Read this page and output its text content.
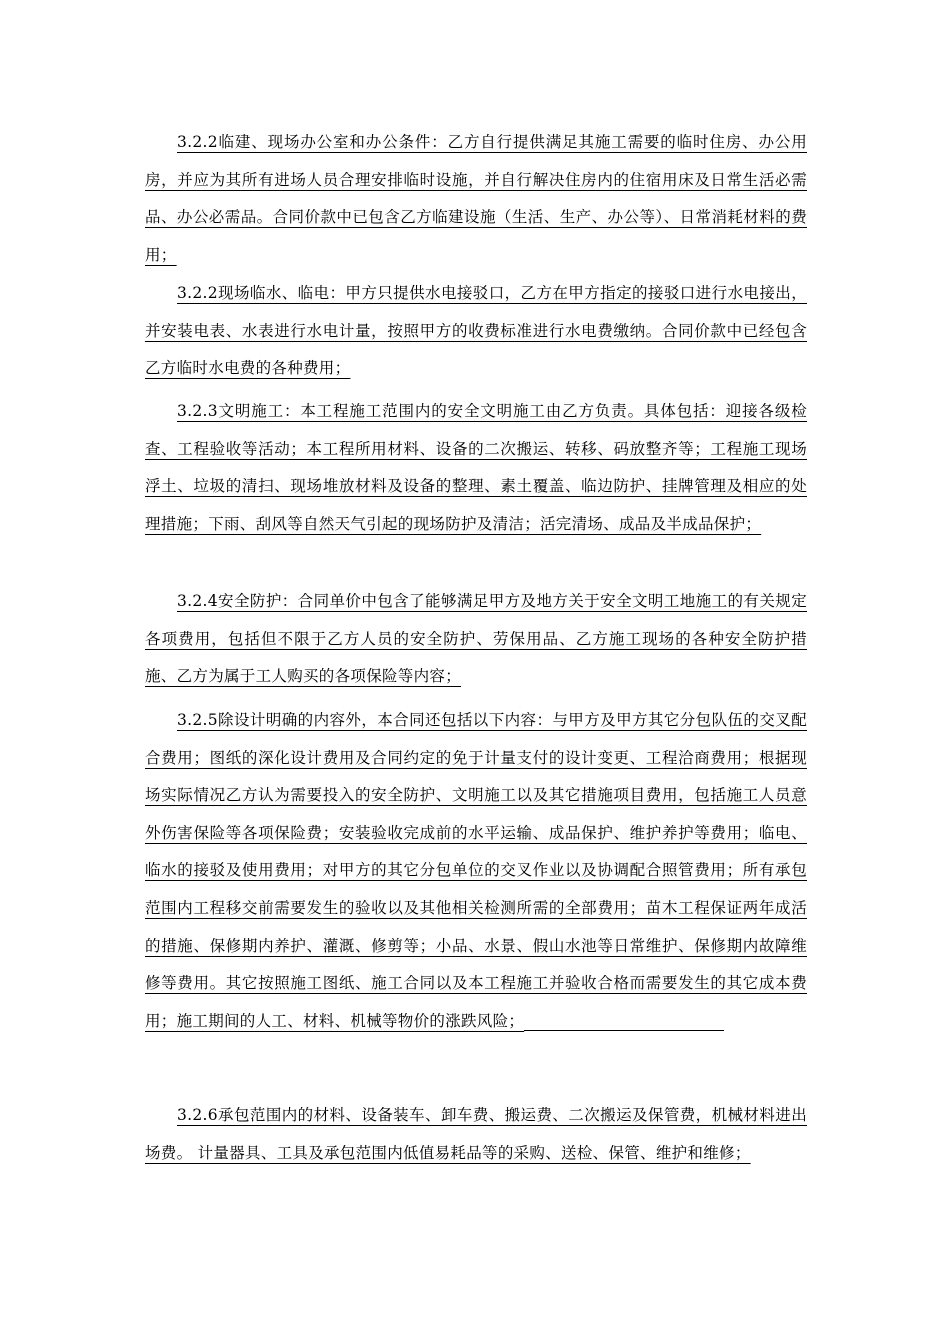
3.2.2临建、现场办公室和办公条件：乙方自行提供满足其施工需要的临时住房、办公用房，并应为其所有进场人员合理安排临时设施，并自行解决住房内的住宿用床及日常生活必需品、办公必需品。合同价款中已包含乙方临建设施（生活、生产、办公等）、日常消耗材料的费用；

3.2.2现场临水、临电：甲方只提供水电接驳口，乙方在甲方指定的接驳口进行水电接出，并安装电表、水表进行水电计量，按照甲方的收费标准进行水电费缴纳。合同价款中已经包含乙方临时水电费的各种费用；

3.2.3文明施工：本工程施工范围内的安全文明施工由乙方负责。具体包括：迎接各级检查、工程验收等活动；本工程所用材料、设备的二次搬运、转移、码放整齐等；工程施工现场浮土、垃圾的清扫、现场堆放材料及设备的整理、素土覆盖、临边防护、挂牌管理及相应的处理措施；下雨、刮风等自然天气引起的现场防护及清洁；活完清场、成品及半成品保护；

3.2.4安全防护：合同单价中包含了能够满足甲方及地方关于安全文明工地施工的有关规定各项费用，包括但不限于乙方人员的安全防护、劳保用品、乙方施工现场的各种安全防护措施、乙方为属于工人购买的各项保险等内容；

3.2.5除设计明确的内容外，本合同还包括以下内容：与甲方及甲方其它分包队伍的交叉配合费用；图纸的深化设计费用及合同约定的免于计量支付的设计变更、工程洽商费用；根据现场实际情况乙方认为需要投入的安全防护、文明施工以及其它措施项目费用，包括施工人员意外伤害保险等各项保险费；安装验收完成前的水平运输、成品保护、维护养护等费用；临电、临水的接驳及使用费用；对甲方的其它分包单位的交叉作业以及协调配合照管费用；所有承包范围内工程移交前需要发生的验收以及其他相关检测所需的全部费用；苗木工程保证两年成活的措施、保修期内养护、灌溉、修剪等；小品、水景、假山水池等日常维护、保修期内故障维修等费用。其它按照施工图纸、施工合同以及本工程施工并验收合格而需要发生的其它成本费用；施工期间的人工、材料、机械等物价的涨跌风险；

3.2.6承包范围内的材料、设备装车、卸车费、搬运费、二次搬运及保管费，机械材料进出场费。 计量器具、工具及承包范围内低值易耗品等的采购、送检、保管、维护和维修；
